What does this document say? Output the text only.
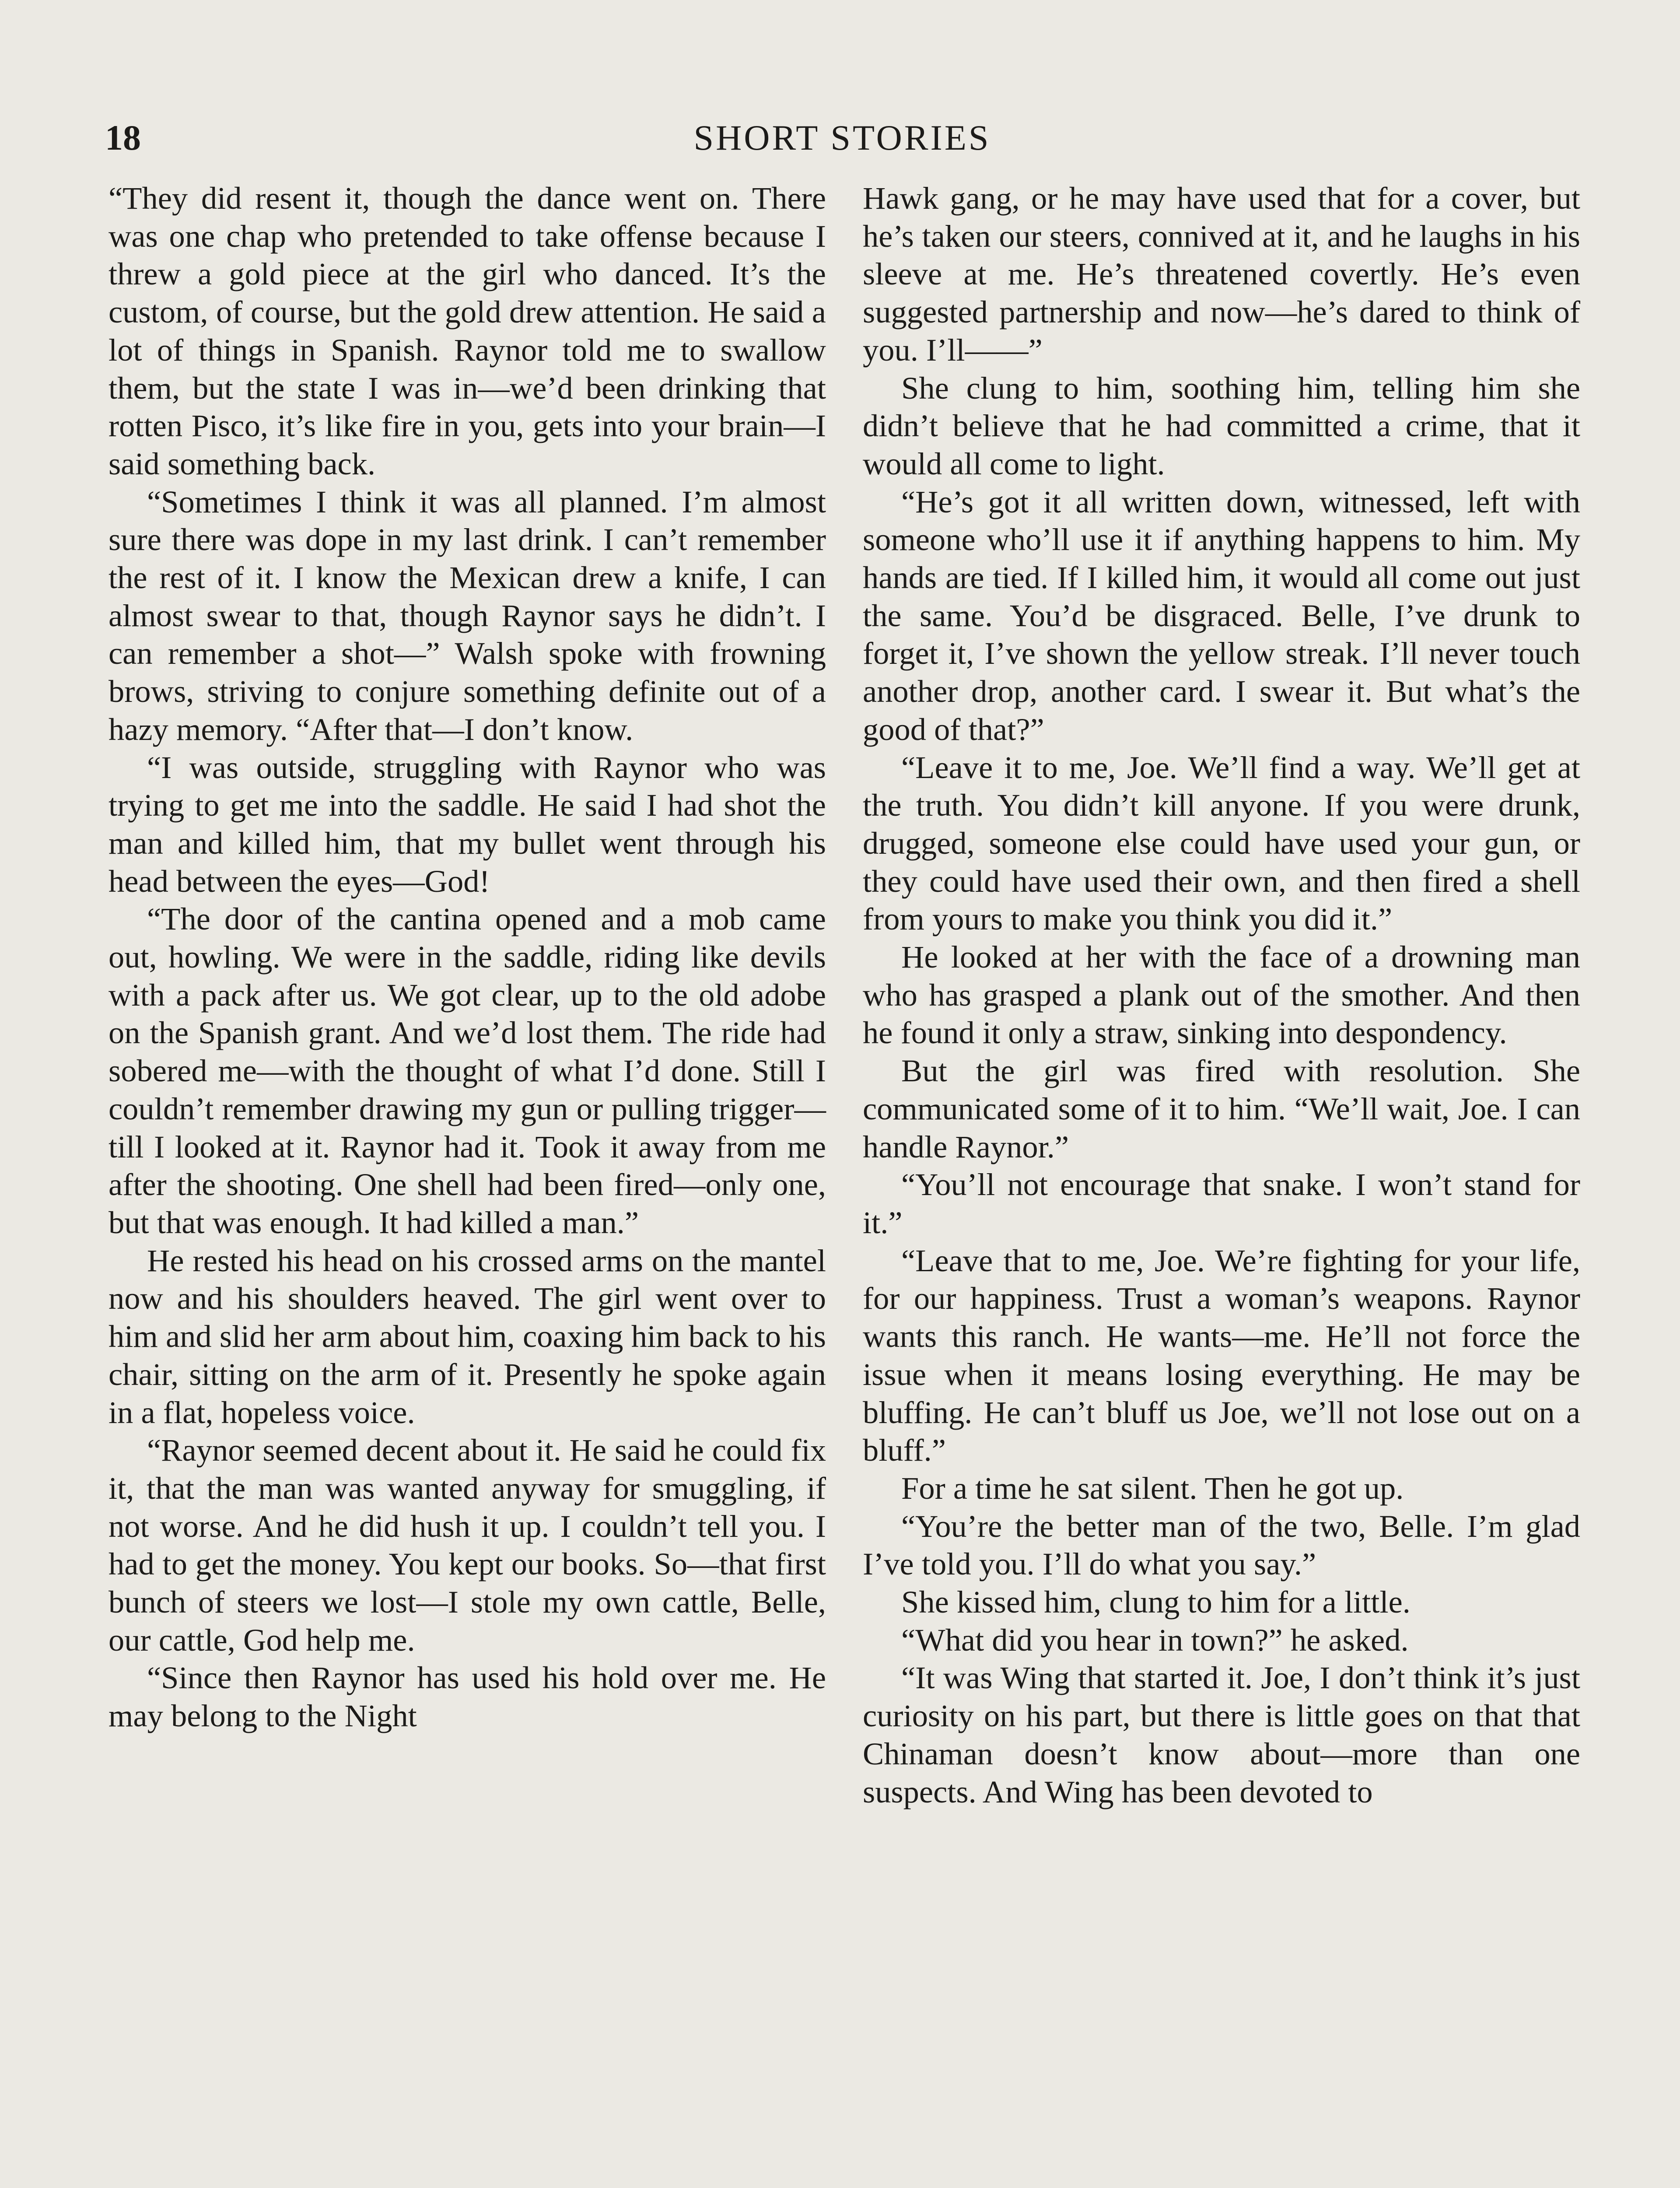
18	SHORT STORIES

“They did resent it, though the dance went on. There was one chap who pretended to take offense because I threw a gold piece at the girl who danced. It’s the custom, of course, but the gold drew attention. He said a lot of things in Spanish. Raynor told me to swallow them, but the state I was in—we’d been drinking that rotten Pisco, it’s like fire in you, gets into your brain—I said something back.

“Sometimes I think it was all planned. I’m almost sure there was dope in my last drink. I can’t remember the rest of it. I know the Mexican drew a knife, I can almost swear to that, though Raynor says he didn’t. I can remember a shot—” Walsh spoke with frowning brows, striving to conjure something definite out of a hazy memory. “After that—I don’t know.

“I was outside, struggling with Raynor who was trying to get me into the saddle. He said I had shot the man and killed him, that my bullet went through his head between the eyes—God!

“The door of the cantina opened and a mob came out, howling. We were in the saddle, riding like devils with a pack after us. We got clear, up to the old adobe on the Spanish grant. And we’d lost them. The ride had sobered me—with the thought of what I’d done. Still I couldn’t remember drawing my gun or pulling trigger—till I looked at it. Raynor had it. Took it away from me after the shooting. One shell had been fired—only one, but that was enough. It had killed a man.”

He rested his head on his crossed arms on the mantel now and his shoulders heaved. The girl went over to him and slid her arm about him, coaxing him back to his chair, sitting on the arm of it. Presently he spoke again in a flat, hopeless voice.

“Raynor seemed decent about it. He said he could fix it, that the man was wanted anyway for smuggling, if not worse. And he did hush it up. I couldn’t tell you. I had to get the money. You kept our books. So—that first bunch of steers we lost—I stole my own cattle, Belle, our cattle, God help me.

“Since then Raynor has used his hold over me. He may belong to the Night

Hawk gang, or he may have used that for a cover, but he’s taken our steers, connived at it, and he laughs in his sleeve at me. He’s threatened covertly. He’s even suggested partnership and now—he’s dared to think of you. I’ll——”

She clung to him, soothing him, telling him she didn’t believe that he had committed a crime, that it would all come to light.

“He’s got it all written down, witnessed, left with someone who’ll use it if anything happens to him. My hands are tied. If I killed him, it would all come out just the same. You’d be disgraced. Belle, I’ve drunk to forget it, I’ve shown the yellow streak. I’ll never touch another drop, another card. I swear it. But what’s the good of that?”

“Leave it to me, Joe. We’ll find a way. We’ll get at the truth. You didn’t kill anyone. If you were drunk, drugged, someone else could have used your gun, or they could have used their own, and then fired a shell from yours to make you think you did it.”

He looked at her with the face of a drowning man who has grasped a plank out of the smother. And then he found it only a straw, sinking into despondency.

But the girl was fired with resolution. She communicated some of it to him. “We’ll wait, Joe. I can handle Raynor.”

“You’ll not encourage that snake. I won’t stand for it.”

“Leave that to me, Joe. We’re fighting for your life, for our happiness. Trust a woman’s weapons. Raynor wants this ranch. He wants—me. He’ll not force the issue when it means losing everything. He may be bluffing. He can’t bluff us Joe, we’ll not lose out on a bluff.”

For a time he sat silent. Then he got up.

“You’re the better man of the two, Belle. I’m glad I’ve told you. I’ll do what you say.”

She kissed him, clung to him for a little.

“What did you hear in town?” he asked.

“It was Wing that started it. Joe, I don’t think it’s just curiosity on his part, but there is little goes on that that Chinaman doesn’t know about—more than one suspects. And Wing has been devoted to
